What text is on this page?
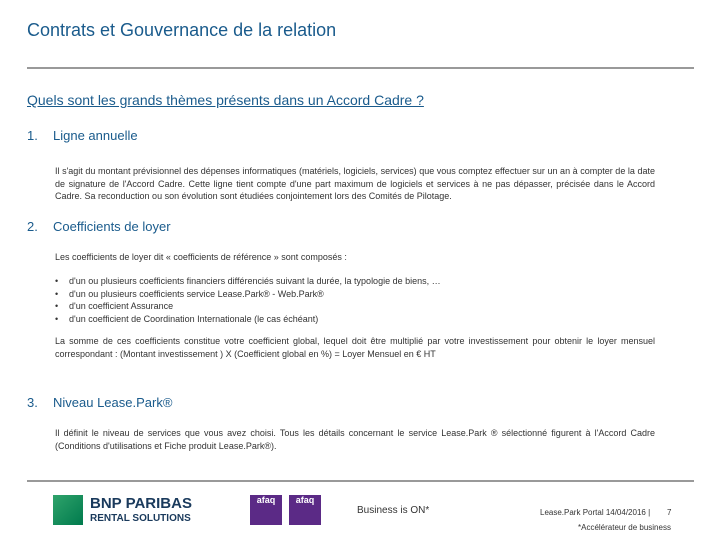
Contrats et Gouvernance de la relation
Quels sont les grands thèmes présents dans un Accord Cadre ?
1. Ligne annuelle
Il s'agit du montant prévisionnel des dépenses informatiques (matériels, logiciels, services) que vous comptez effectuer sur un an à compter de la date de signature de l'Accord Cadre. Cette ligne tient compte d'une part maximum de logiciels et services à ne pas dépasser, précisée dans le Accord Cadre. Sa reconduction ou son évolution sont étudiées conjointement lors des Comités de Pilotage.
2. Coefficients de loyer
Les coefficients de loyer dit « coefficients de référence » sont composés :
• d'un ou plusieurs coefficients financiers différenciés suivant la durée, la typologie de biens, …
• d'un ou plusieurs coefficients service Lease.Park® - Web.Park®
• d'un coefficient Assurance
• d'un coefficient de Coordination Internationale (le cas échéant)
La somme de ces coefficients constitue votre coefficient global, lequel doit être multiplié par votre investissement pour obtenir le loyer mensuel correspondant : (Montant investissement ) X (Coefficient global en %) = Loyer Mensuel en € HT
3. Niveau Lease.Park®
Il définit le niveau de services que vous avez choisi. Tous les détails concernant le service Lease.Park ® sélectionné figurent à l'Accord Cadre (Conditions d'utilisations et Fiche produit Lease.Park®).
BNP PARIBAS
RENTAL SOLUTIONS
afaq	afaq
Business is ON*	Lease.Park Portal 14/04/2016 | 7
*Accélérateur de business
